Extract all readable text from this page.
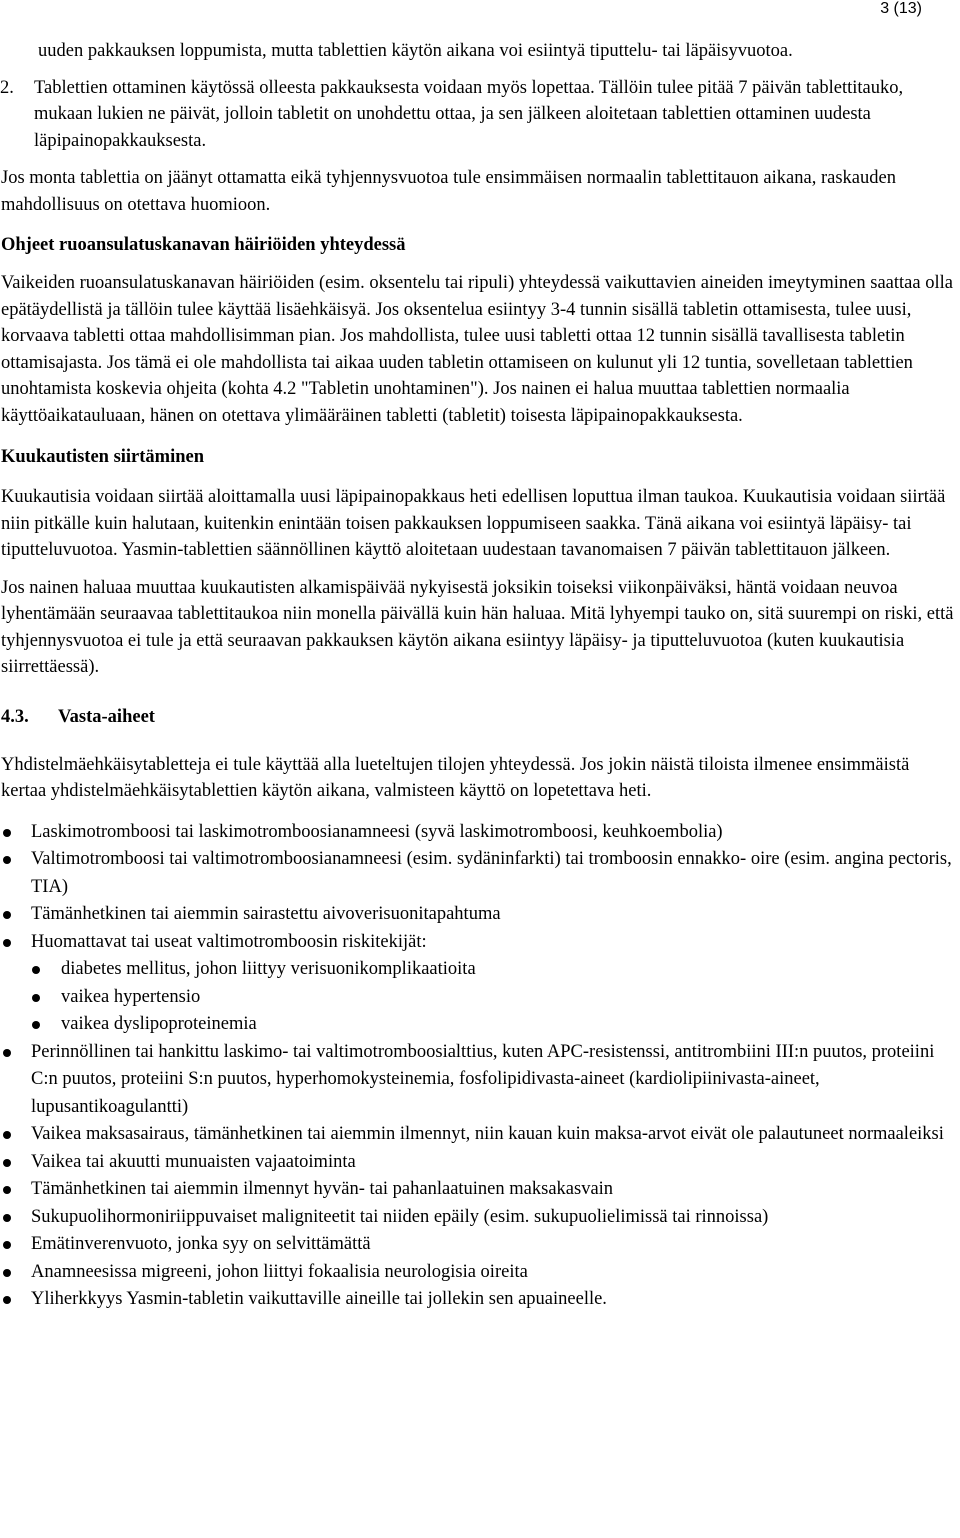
3 (13)

uuden pakkauksen loppumista, mutta tablettien käytön aikana voi esiintyä tiputtelu- tai läpäisyvuotoa.

2.	Tablettien ottaminen käytössä olleesta pakkauksesta voidaan myös lopettaa. Tällöin tulee pitää 7 päivän tablettitauko, mukaan lukien ne päivät, jolloin tabletit on unohdettu ottaa, ja sen jälkeen aloitetaan tablettien ottaminen uudesta läpipainopakkauksesta.

Jos monta tablettia on jäänyt ottamatta eikä tyhjennysvuotoa tule ensimmäisen normaalin tablettitauon aikana, raskauden mahdollisuus on otettava huomioon.

Ohjeet ruoansulatuskanavan häiriöiden yhteydessä

Vaikeiden ruoansulatuskanavan häiriöiden (esim. oksentelu tai ripuli) yhteydessä vaikuttavien aineiden imeytyminen saattaa olla epätäydellistä ja tällöin tulee käyttää lisäehkäisyä. Jos oksentelua esiintyy 3-4 tunnin sisällä tabletin ottamisesta, tulee uusi, korvaava tabletti ottaa mahdollisimman pian. Jos mahdollista, tulee uusi tabletti ottaa 12 tunnin sisällä tavallisesta tabletin ottamisajasta. Jos tämä ei ole mahdollista tai aikaa uuden tabletin ottamiseen on kulunut yli 12 tuntia, sovelletaan tablettien unohtamista koskevia ohjeita (kohta 4.2 "Tabletin unohtaminen"). Jos nainen ei halua muuttaa tablettien normaalia käyttöaikatauluaan, hänen on otettava ylimääräinen tabletti (tabletit) toisesta läpipainopakkauksesta.

Kuukautisten siirtäminen

Kuukautisia voidaan siirtää aloittamalla uusi läpipainopakkaus heti edellisen loputtua ilman taukoa. Kuukautisia voidaan siirtää niin pitkälle kuin halutaan, kuitenkin enintään toisen pakkauksen loppumiseen saakka. Tänä aikana voi esiintyä läpäisy- tai tiputteluvuotoa. Yasmin-tablettien säännöllinen käyttö aloitetaan uudestaan tavanomaisen 7 päivän tablettitauon jälkeen.

Jos nainen haluaa muuttaa kuukautisten alkamispäivää nykyisestä joksikin toiseksi viikonpäiväksi, häntä voidaan neuvoa lyhentämään seuraavaa tablettitaukoa niin monella päivällä kuin hän haluaa. Mitä lyhyempi tauko on, sitä suurempi on riski, että tyhjennysvuotoa ei tule ja että seuraavan pakkauksen käytön aikana esiintyy läpäisy- ja tiputteluvuotoa (kuten kuukautisia siirrettäessä).

4.3. Vasta-aiheet

Yhdistelmäehkäisytabletteja ei tule käyttää alla lueteltujen tilojen yhteydessä. Jos jokin näistä tiloista ilmenee ensimmäistä kertaa yhdistelmäehkäisytablettien käytön aikana, valmisteen käyttö on lopetettava heti.

Laskimotromboosi tai laskimotromboosianamneesi (syvä laskimotromboosi, keuhkoembolia)
Valtimotromboosi tai valtimotromboosianamneesi (esim. sydäninfarkti) tai tromboosin ennakko- oire (esim. angina pectoris, TIA)
Tämänhetkinen tai aiemmin sairastettu aivoverisuonitapahtuma
Huomattavat tai useat valtimotromboosin riskitekijät:
diabetes mellitus, johon liittyy verisuonikomplikaatioita
vaikea hypertensio
vaikea dyslipoproteinemia
Perinnöllinen tai hankittu laskimo- tai valtimotromboosialttius, kuten APC-resistenssi, antitrombiini III:n puutos, proteiini C:n puutos, proteiini S:n puutos, hyperhomokysteinemia, fosfolipidivasta-aineet (kardiolipiinivasta-aineet, lupusantikoagulantti)
Vaikea maksasairaus, tämänhetkinen tai aiemmin ilmennyt, niin kauan kuin maksa-arvot eivät ole palautuneet normaaleiksi
Vaikea tai akuutti munuaisten vajaatoiminta
Tämänhetkinen tai aiemmin ilmennyt hyvän- tai pahanlaatuinen maksakasvain
Sukupuolihormoniriippuvaiset maligniteetit tai niiden epäily (esim. sukupuolielimissä tai rinnoissa)
Emätinverenvuoto, jonka syy on selvittämättä
Anamneesissa migreeni, johon liittyi fokaalisia neurologisia oireita
Yliherkkyys Yasmin-tabletin vaikuttaville aineille tai jollekin sen apuaineelle.
